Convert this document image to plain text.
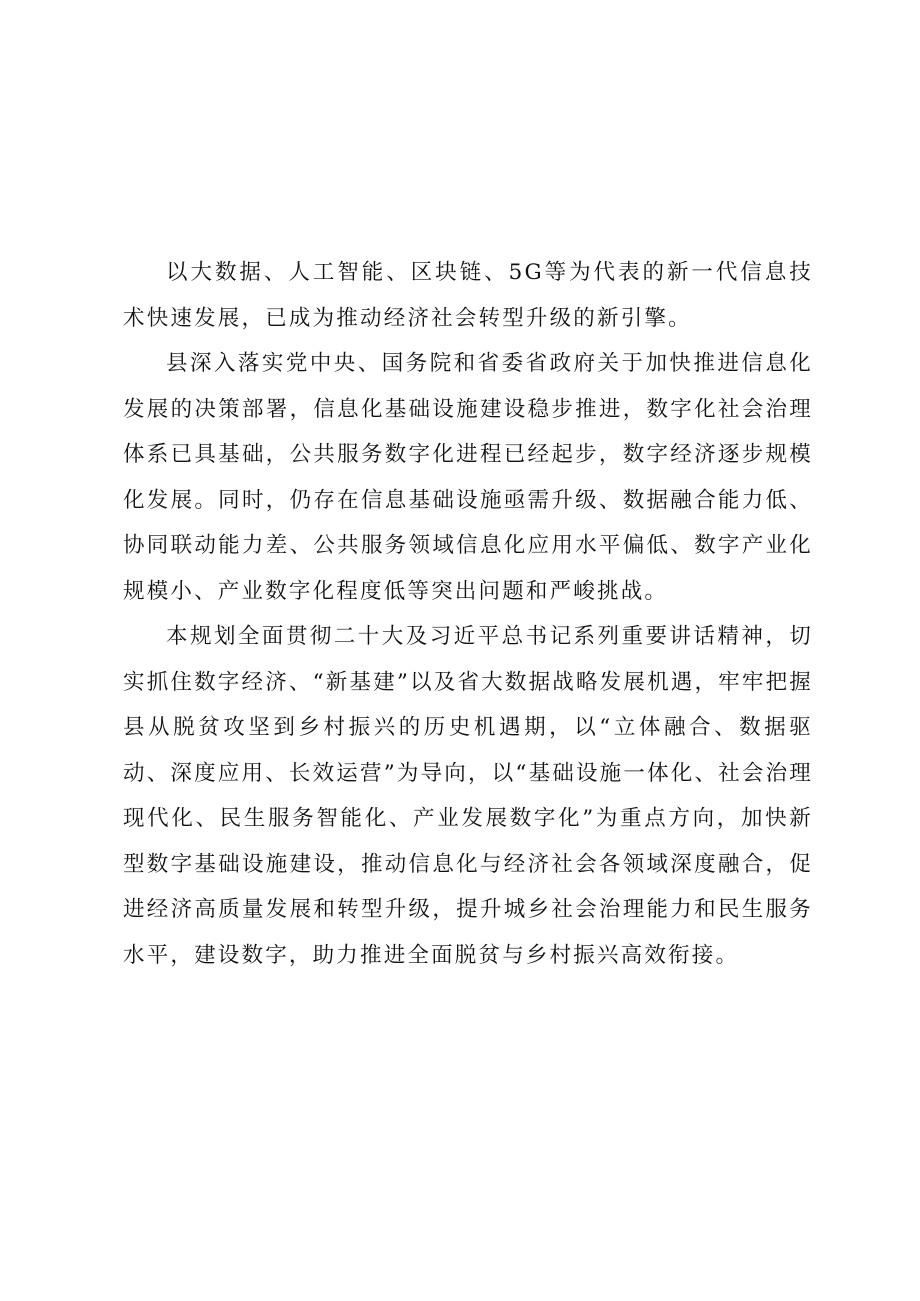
以大数据、人工智能、区块链、5G等为代表的新一代信息技术快速发展，已成为推动经济社会转型升级的新引擎。

县深入落实党中央、国务院和省委省政府关于加快推进信息化发展的决策部署，信息化基础设施建设稳步推进，数字化社会治理体系已具基础，公共服务数字化进程已经起步，数字经济逐步规模化发展。同时，仍存在信息基础设施亟需升级、数据融合能力低、协同联动能力差、公共服务领域信息化应用水平偏低、数字产业化规模小、产业数字化程度低等突出问题和严峻挑战。

本规划全面贯彻二十大及习近平总书记系列重要讲话精神，切实抓住数字经济、“新基建”以及省大数据战略发展机遇，牢牢把握县从脱贫攻坚到乡村振兴的历史机遇期，以“立体融合、数据驱动、深度应用、长效运营”为导向，以“基础设施一体化、社会治理现代化、民生服务智能化、产业发展数字化”为重点方向，加快新型数字基础设施建设，推动信息化与经济社会各领域深度融合，促进经济高质量发展和转型升级，提升城乡社会治理能力和民生服务水平，建设数字，助力推进全面脱贫与乡村振兴高效衔接。
